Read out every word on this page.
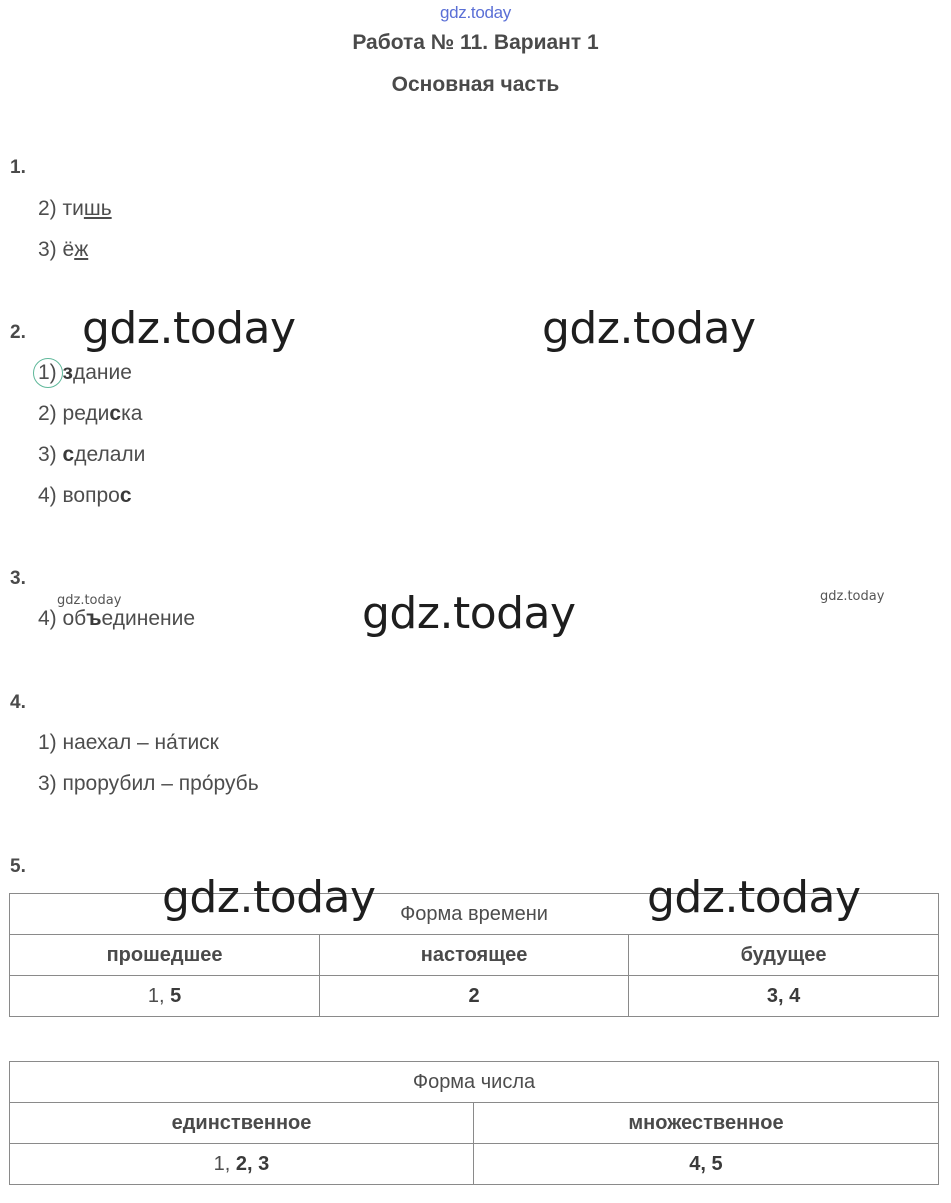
gdz.today
Работа № 11. Вариант 1
Основная часть
1.
2) тишь
3) ёж
2. gdz.today	gdz.today
1) здание
2) редиска
3) сделали
4) вопрос
3.
gdz.today	gdz.today
gdz.today
4) объединение
4.
1) наехал – на́тиск
3) прорубил – про́рубь
5.
Форма времени		
прошедшее	настоящее	будущее
1, 5	2	3, 4
gdz.today	gdz.today
Форма числа	
единственное	множественное
1, 2, 3	4, 5
